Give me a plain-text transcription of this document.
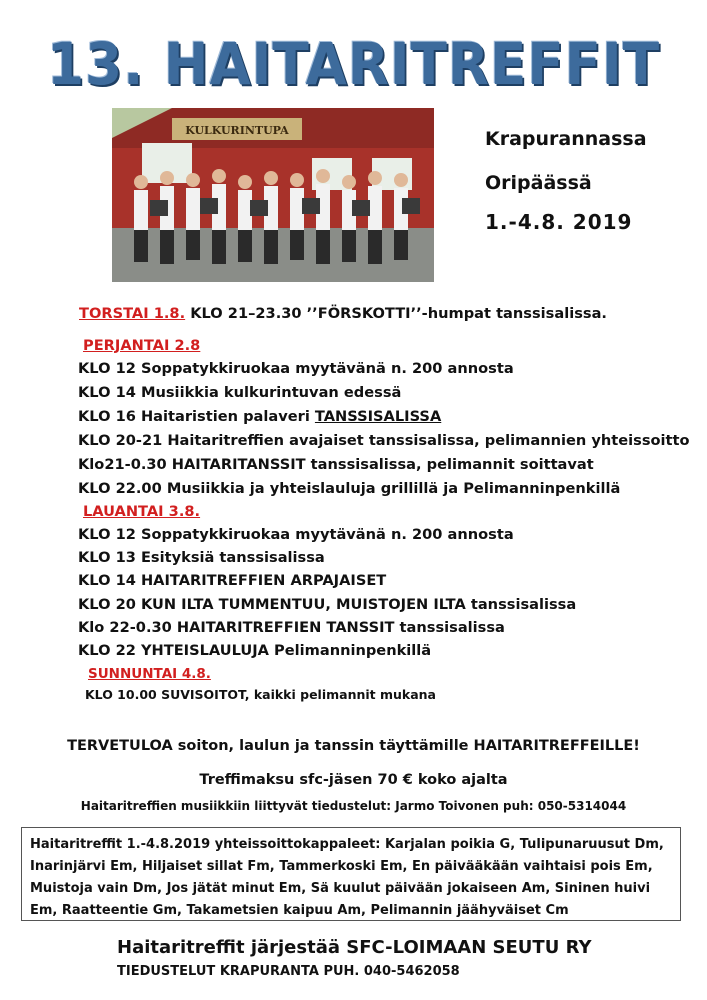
13. HAITARITREFFIT
KULKURINTUPA	Krapurannassa
Oripäässä
1.-4.8. 2019
TORSTAI 1.8. KLO 21–23.30 ’’FÖRSKOTTI’’-humpat tanssisalissa.
PERJANTAI 2.8
KLO 12 Soppatykkiruokaa myytävänä n. 200 annosta
KLO 14 Musiikkia kulkurintuvan edessä
KLO 16 Haitaristien palaveri TANSSISALISSA
KLO 20-21 Haitaritreffien avajaiset tanssisalissa, pelimannien yhteissoitto
Klo21-0.30 HAITARITANSSIT tanssisalissa, pelimannit soittavat
KLO 22.00 Musiikkia ja yhteislauluja grillillä ja Pelimanninpenkillä
LAUANTAI 3.8.
KLO 12 Soppatykkiruokaa myytävänä n. 200 annosta
KLO 13 Esityksiä tanssisalissa
KLO 14 HAITARITREFFIEN ARPAJAISET
KLO 20 KUN ILTA TUMMENTUU, MUISTOJEN ILTA tanssisalissa
Klo 22-0.30 HAITARITREFFIEN TANSSIT tanssisalissa
KLO 22 YHTEISLAULUJA Pelimanninpenkillä
SUNNUNTAI 4.8.
KLO 10.00 SUVISOITOT, kaikki pelimannit mukana
TERVETULOA soiton, laulun ja tanssin täyttämille HAITARITREFFEILLE!
Treffimaksu sfc-jäsen 70 € koko ajalta
Haitaritreffien musiikkiin liittyvät tiedustelut: Jarmo Toivonen puh: 050-5314044
Haitaritreffit 1.-4.8.2019 yhteissoittokappaleet: Karjalan poikia G, Tulipunaruusut Dm, Inarinjärvi Em, Hiljaiset sillat Fm, Tammerkoski Em, En päivääkään vaihtaisi pois Em, Muistoja vain Dm, Jos jätät minut Em, Sä kuulut päivään jokaiseen Am, Sininen huivi Em, Raatteentie Gm, Takametsien kaipuu Am, Pelimannin jäähyväiset Cm
Haitaritreffit järjestää SFC-LOIMAAN SEUTU RY
TIEDUSTELUT KRAPURANTA PUH. 040-5462058
